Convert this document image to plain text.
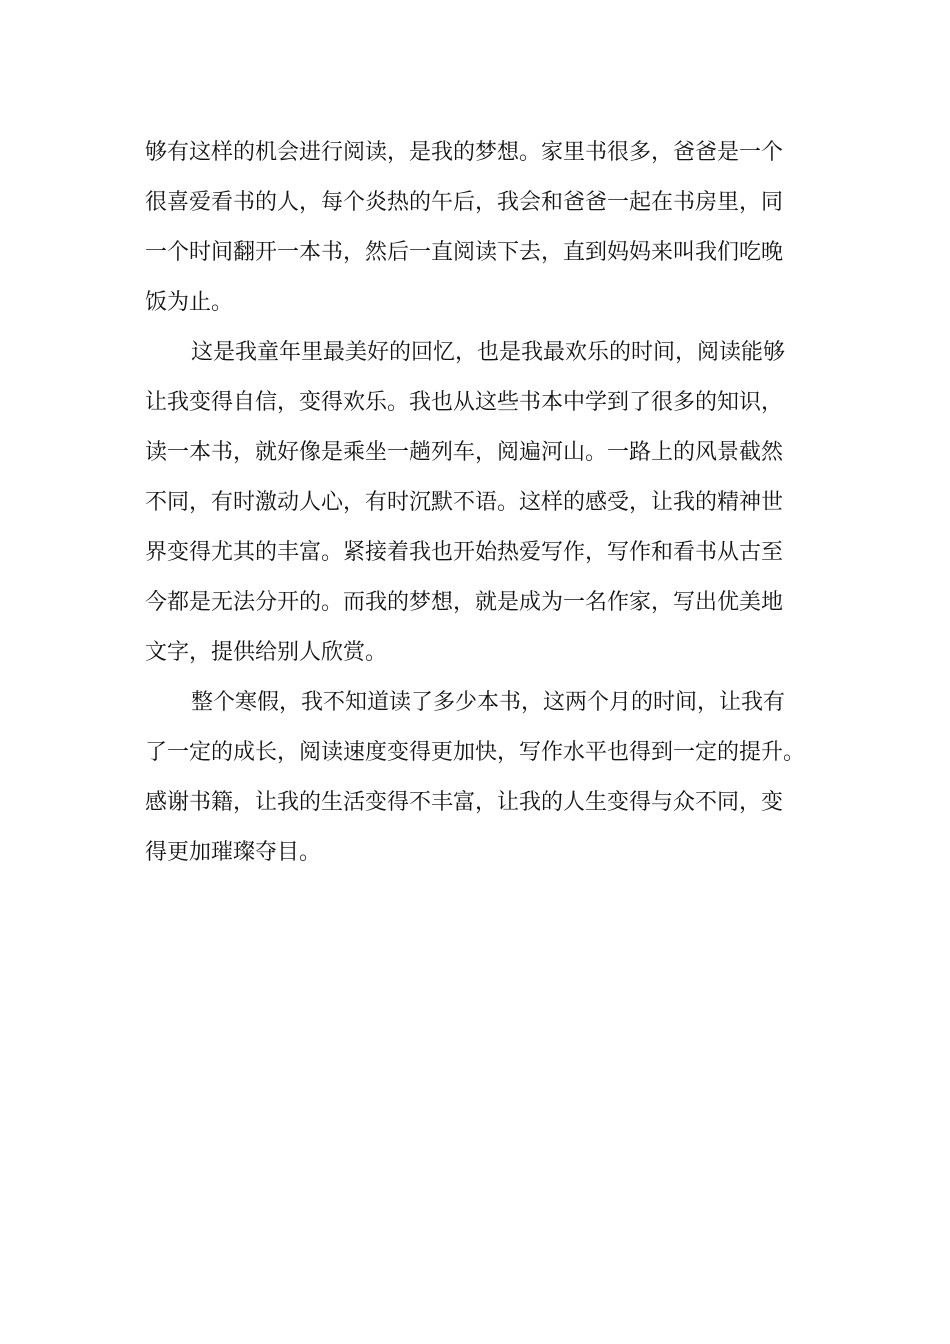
够有这样的机会进行阅读，是我的梦想。家里书很多，爸爸是一个
很喜爱看书的人，每个炎热的午后，我会和爸爸一起在书房里，同
一个时间翻开一本书，然后一直阅读下去，直到妈妈来叫我们吃晚
饭为止。
这是我童年里最美好的回忆，也是我最欢乐的时间，阅读能够
让我变得自信，变得欢乐。我也从这些书本中学到了很多的知识，
读一本书，就好像是乘坐一趟列车，阅遍河山。一路上的风景截然
不同，有时激动人心，有时沉默不语。这样的感受，让我的精神世
界变得尤其的丰富。紧接着我也开始热爱写作，写作和看书从古至
今都是无法分开的。而我的梦想，就是成为一名作家，写出优美地
文字，提供给别人欣赏。
整个寒假，我不知道读了多少本书，这两个月的时间，让我有
了一定的成长，阅读速度变得更加快，写作水平也得到一定的提升。
感谢书籍，让我的生活变得不丰富，让我的人生变得与众不同，变
得更加璀璨夺目。
